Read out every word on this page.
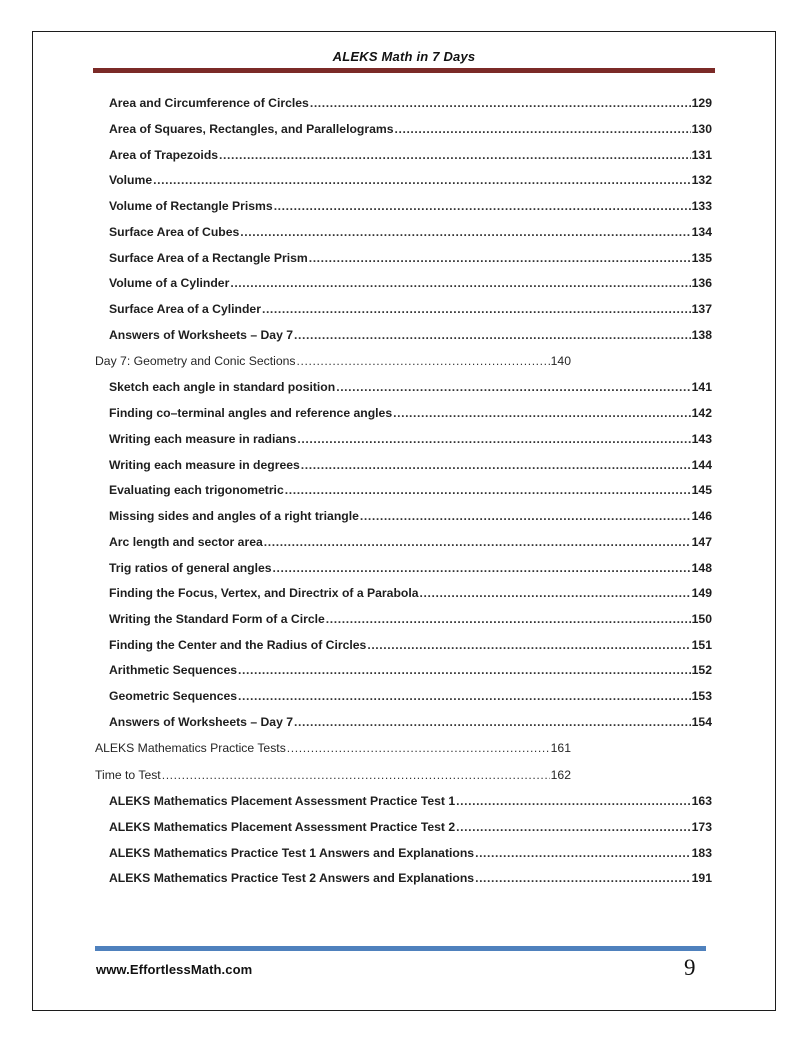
ALEKS Math in 7 Days
Area and Circumference of Circles .....	129
Area of Squares, Rectangles, and Parallelograms .....	130
Area of Trapezoids .....	131
Volume .....	132
Volume of Rectangle Prisms .....	133
Surface Area of Cubes .....	134
Surface Area of a Rectangle Prism .....	135
Volume of a Cylinder .....	136
Surface Area of a Cylinder .....	137
Answers of Worksheets – Day 7 .....	138
Day 7: Geometry and Conic Sections .....	140
Sketch each angle in standard position .....	141
Finding co–terminal angles and reference angles .....	142
Writing each measure in radians .....	143
Writing each measure in degrees .....	144
Evaluating each trigonometric .....	145
Missing sides and angles of a right triangle .....	146
Arc length and sector area .....	147
Trig ratios of general angles .....	148
Finding the Focus, Vertex, and Directrix of a Parabola .....	149
Writing the Standard Form of a Circle .....	150
Finding the Center and the Radius of Circles .....	151
Arithmetic Sequences .....	152
Geometric Sequences .....	153
Answers of Worksheets – Day 7 .....	154
ALEKS Mathematics Practice Tests .....	161
Time to Test .....	162
ALEKS Mathematics Placement Assessment Practice Test 1 .....	163
ALEKS Mathematics Placement Assessment Practice Test 2 .....	173
ALEKS Mathematics Practice Test 1 Answers and Explanations .....	183
ALEKS Mathematics Practice Test 2 Answers and Explanations .....	191
www.EffortlessMath.com	9
